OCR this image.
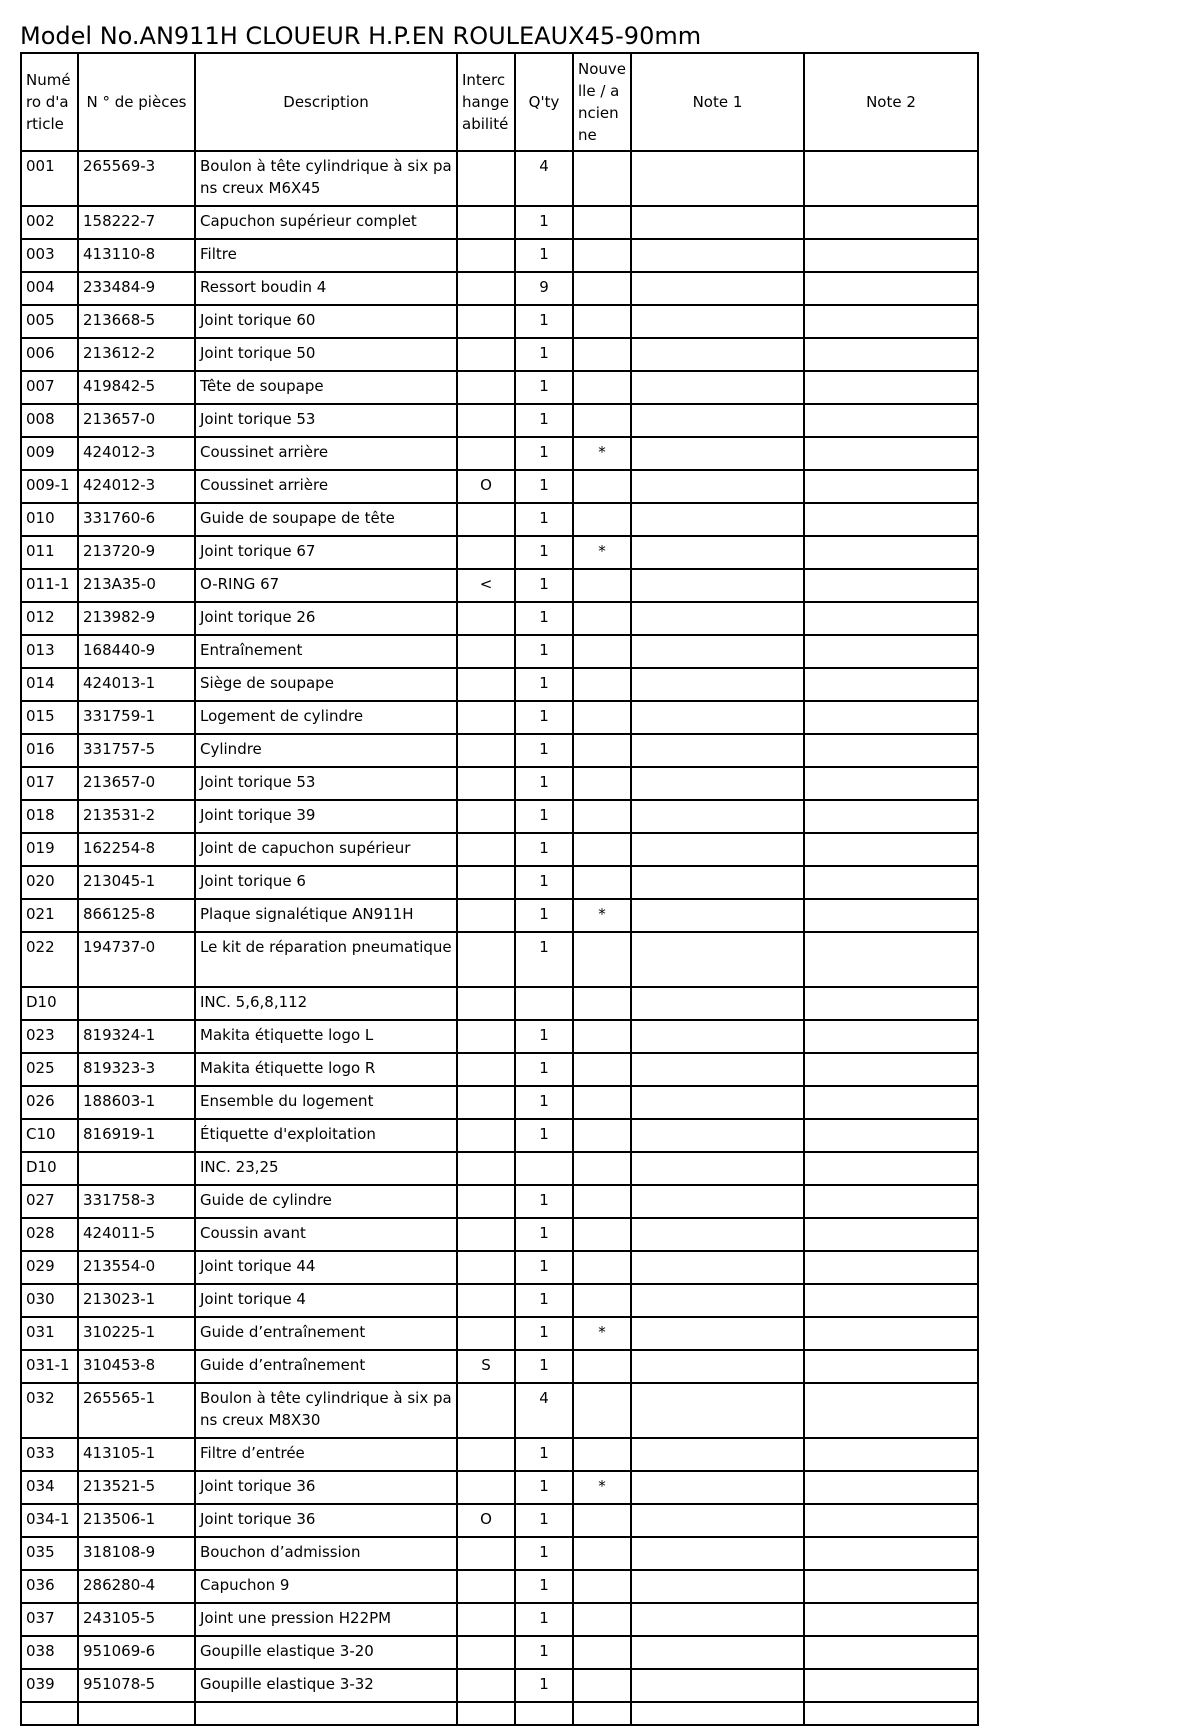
Model No.AN911H CLOUEUR H.P.EN ROULEAUX45-90mm
Numéro d'article	N ° de pièces	Description	Interchangeabilité	Q'ty	Nouvelle / ancienne	Note 1	Note 2
001	265569-3	Boulon à tête cylindrique à six pans creux M6X45		4			
002	158222-7	Capuchon supérieur complet		1			
003	413110-8	Filtre		1			
004	233484-9	Ressort boudin 4		9			
005	213668-5	Joint torique 60		1			
006	213612-2	Joint torique 50		1			
007	419842-5	Tête de soupape		1			
008	213657-0	Joint torique 53		1			
009	424012-3	Coussinet arrière		1	*		
009-1	424012-3	Coussinet arrière	O	1			
010	331760-6	Guide de soupape de tête		1			
011	213720-9	Joint torique 67		1	*		
011-1	213A35-0	O-RING 67	<	1			
012	213982-9	Joint torique 26		1			
013	168440-9	Entraînement		1			
014	424013-1	Siège de soupape		1			
015	331759-1	Logement de cylindre		1			
016	331757-5	Cylindre		1			
017	213657-0	Joint torique 53		1			
018	213531-2	Joint torique 39		1			
019	162254-8	Joint de capuchon supérieur		1			
020	213045-1	Joint torique 6		1			
021	866125-8	Plaque signalétique AN911H		1	*		
022	194737-0	Le kit de réparation pneumatique		1			
D10		INC. 5,6,8,112					
023	819324-1	Makita étiquette logo L		1			
025	819323-3	Makita étiquette logo R		1			
026	188603-1	Ensemble du logement		1			
C10	816919-1	Étiquette d'exploitation		1			
D10		INC. 23,25					
027	331758-3	Guide de cylindre		1			
028	424011-5	Coussin avant		1			
029	213554-0	Joint torique 44		1			
030	213023-1	Joint torique 4		1			
031	310225-1	Guide d’entraînement		1	*		
031-1	310453-8	Guide d’entraînement	S	1			
032	265565-1	Boulon à tête cylindrique à six pans creux M8X30		4			
033	413105-1	Filtre d’entrée		1			
034	213521-5	Joint torique 36		1	*		
034-1	213506-1	Joint torique 36	O	1			
035	318108-9	Bouchon d’admission		1			
036	286280-4	Capuchon 9		1			
037	243105-5	Joint une pression H22PM		1			
038	951069-6	Goupille elastique 3-20		1			
039	951078-5	Goupille elastique 3-32		1			
